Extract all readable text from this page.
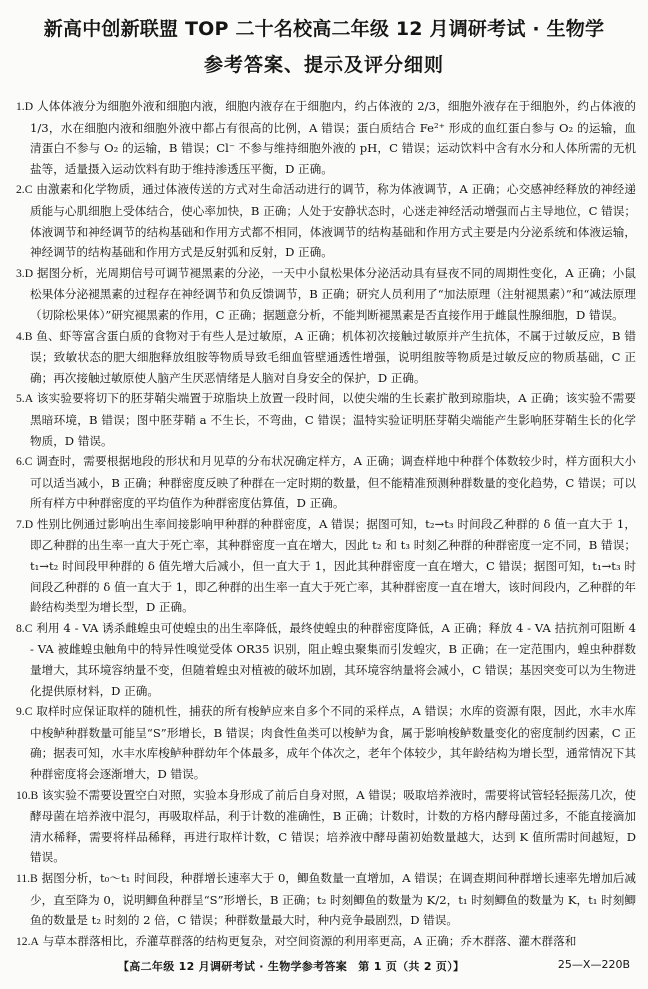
新高中创新联盟 TOP 二十名校高二年级 12 月调研考试 · 生物学
参考答案、提示及评分细则

1.D 人体体液分为细胞外液和细胞内液，细胞内液存在于细胞内，约占体液的 2/3，细胞外液存在于细胞外，约占体液的 1/3，水在细胞内液和细胞外液中都占有很高的比例，A 错误；蛋白质结合 Fe²⁺ 形成的血红蛋白参与 O₂ 的运输，血清蛋白不参与 O₂ 的运输，B 错误；Cl⁻ 不参与维持细胞外液的 pH，C 错误；运动饮料中含有水分和人体所需的无机盐等，适量摄入运动饮料有助于维持渗透压平衡，D 正确。

2.C 由激素和化学物质，通过体液传送的方式对生命活动进行的调节，称为体液调节，A 正确；心交感神经释放的神经递质能与心肌细胞上受体结合，使心率加快，B 正确；人处于安静状态时，心迷走神经活动增强而占主导地位，C 错误；体液调节和神经调节的结构基础和作用方式都不相同，体液调节的结构基础和作用方式主要是内分泌系统和体液运输，神经调节的结构基础和作用方式是反射弧和反射，D 正确。

3.D 据图分析，光周期信号可调节褪黑素的分泌，一天中小鼠松果体分泌活动具有昼夜不同的周期性变化，A 正确；小鼠松果体分泌褪黑素的过程存在神经调节和负反馈调节，B 正确；研究人员利用了“加法原理（注射褪黑素）”和“减法原理（切除松果体）”研究褪黑素的作用，C 正确；据题意分析，不能判断褪黑素是否直接作用于雌鼠性腺细胞，D 错误。

4.B 鱼、虾等富含蛋白质的食物对于有些人是过敏原，A 正确；机体初次接触过敏原并产生抗体，不属于过敏反应，B 错误；致敏状态的肥大细胞释放组胺等物质导致毛细血管壁通透性增强，说明组胺等物质是过敏反应的物质基础，C 正确；再次接触过敏原使人脑产生厌恶情绪是人脑对自身安全的保护，D 正确。

5.A 该实验要将切下的胚芽鞘尖端置于琼脂块上放置一段时间，以使尖端的生长素扩散到琼脂块，A 正确；该实验不需要黑暗环境，B 错误；图中胚芽鞘 a 不生长，不弯曲，C 错误；温特实验证明胚芽鞘尖端能产生影响胚芽鞘生长的化学物质，D 错误。

6.C 调查时，需要根据地段的形状和月见草的分布状况确定样方，A 正确；调查样地中种群个体数较少时，样方面积大小可以适当减小，B 正确；种群密度反映了种群在一定时期的数量，但不能精准预测种群数量的变化趋势，C 错误；可以所有样方中种群密度的平均值作为种群密度估算值，D 正确。

7.D 性别比例通过影响出生率间接影响甲种群的种群密度，A 错误；据图可知，t₂→t₃ 时间段乙种群的 δ 值一直大于 1，即乙种群的出生率一直大于死亡率，其种群密度一直在增大，因此 t₂ 和 t₃ 时刻乙种群的种群密度一定不同，B 错误；t₁→t₂ 时间段甲种群的 δ 值先增大后减小，但一直大于 1，因此其种群密度一直在增大，C 错误；据图可知，t₁→t₃ 时间段乙种群的 δ 值一直大于 1，即乙种群的出生率一直大于死亡率，其种群密度一直在增大，该时间段内，乙种群的年龄结构类型为增长型，D 正确。

8.C 利用 4 - VA 诱杀雌蝗虫可使蝗虫的出生率降低，最终使蝗虫的种群密度降低，A 正确；释放 4 - VA 拮抗剂可阻断 4 - VA 被雌蝗虫触角中的特异性嗅觉受体 OR35 识别，阻止蝗虫聚集而引发蝗灾，B 正确；在一定范围内，蝗虫种群数量增大，其环境容纳量不变，但随着蝗虫对植被的破坏加剧，其环境容纳量将会减小，C 错误；基因突变可以为生物进化提供原材料，D 正确。

9.C 取样时应保证取样的随机性，捕获的所有梭鲈应来自多个不同的采样点，A 错误；水库的资源有限，因此，水丰水库中梭鲈种群数量可能呈“S”形增长，B 错误；肉食性鱼类可以梭鲈为食，属于影响梭鲈数量变化的密度制约因素，C 正确；据表可知，水丰水库梭鲈种群幼年个体最多，成年个体次之，老年个体较少，其年龄结构为增长型，通常情况下其种群密度将会逐渐增大，D 错误。

10.B 该实验不需要设置空白对照，实验本身形成了前后自身对照，A 错误；吸取培养液时，需要将试管轻轻振荡几次，使酵母菌在培养液中混匀，再吸取样品，利于计数的准确性，B 正确；计数时，计数的方格内酵母菌过多，不能直接滴加清水稀释，需要将样品稀释，再进行取样计数，C 错误；培养液中酵母菌初始数量越大，达到 K 值所需时间越短，D 错误。

11.B 据图分析，t₀～t₁ 时间段，种群增长速率大于 0，鲫鱼数量一直增加，A 错误；在调查期间种群增长速率先增加后减少，直至降为 0，说明鲫鱼种群呈“S”形增长，B 正确；t₂ 时刻鲫鱼的数量为 K/2，t₁ 时刻鲫鱼的数量为 K，t₁ 时刻鲫鱼的数量是 t₂ 时刻的 2 倍，C 错误；种群数量最大时，种内竞争最剧烈，D 错误。

12.A 与草本群落相比，乔灌草群落的结构更复杂，对空间资源的利用率更高，A 正确；乔木群落、灌木群落和

【高二年级 12 月调研考试 · 生物学参考答案　第 1 页（共 2 页）】	25—X—220B
